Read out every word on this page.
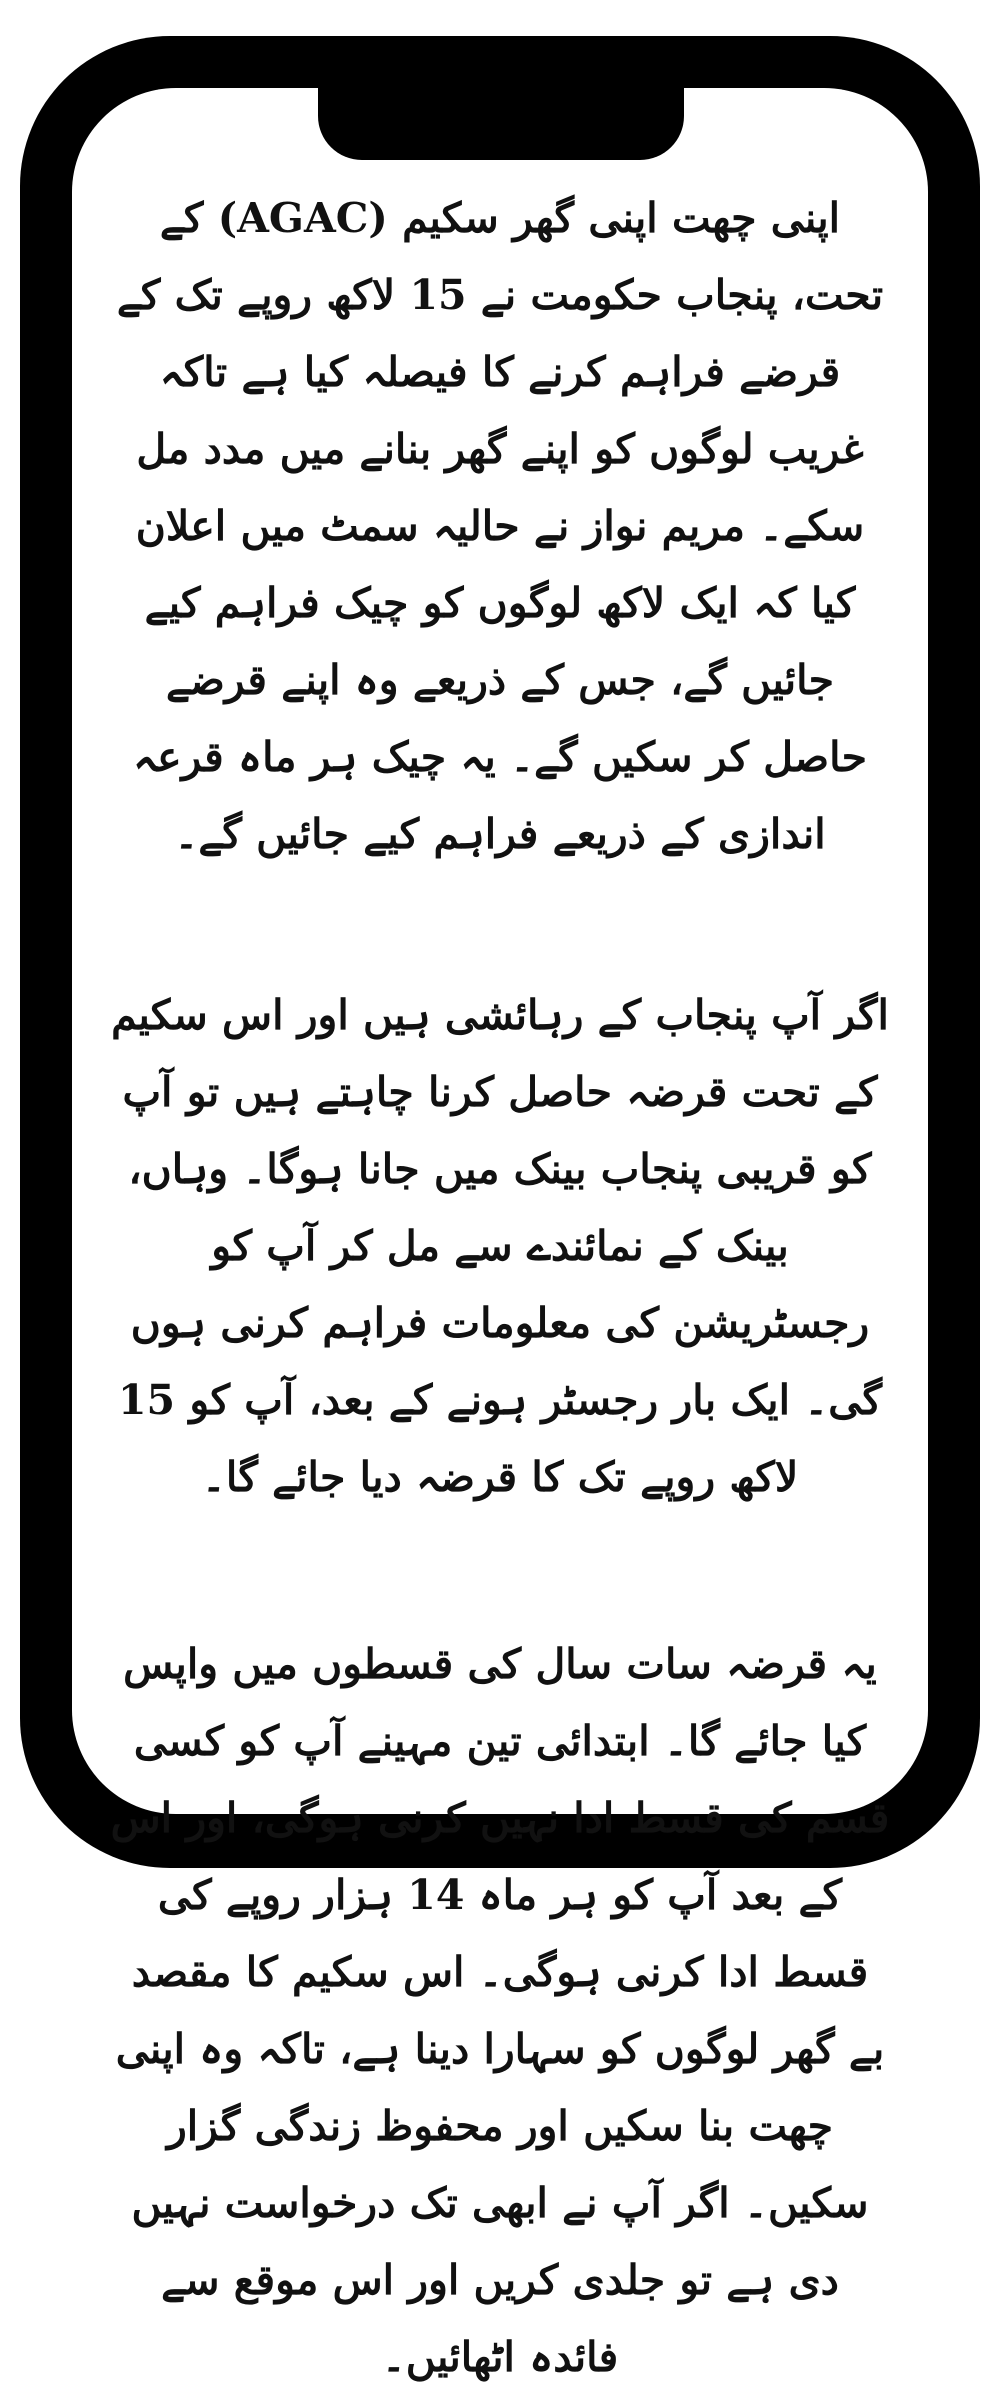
اپنی چھت اپنی گھر سکیم (AGAC) کے تحت، پنجاب حکومت نے 15 لاکھ روپے تک کے قرضے فراہم کرنے کا فیصلہ کیا ہے تاکہ غریب لوگوں کو اپنے گھر بنانے میں مدد مل سکے۔ مریم نواز نے حالیہ سمٹ میں اعلان کیا کہ ایک لاکھ لوگوں کو چیک فراہم کیے جائیں گے، جس کے ذریعے وہ اپنے قرضے حاصل کر سکیں گے۔ یہ چیک ہر ماہ قرعہ اندازی کے ذریعے فراہم کیے جائیں گے۔

اگر آپ پنجاب کے رہائشی ہیں اور اس سکیم کے تحت قرضہ حاصل کرنا چاہتے ہیں تو آپ کو قریبی پنجاب بینک میں جانا ہوگا۔ وہاں، بینک کے نمائندے سے مل کر آپ کو رجسٹریشن کی معلومات فراہم کرنی ہوں گی۔ ایک بار رجسٹر ہونے کے بعد، آپ کو 15 لاکھ روپے تک کا قرضہ دیا جائے گا۔

یہ قرضہ سات سال کی قسطوں میں واپس کیا جائے گا۔ ابتدائی تین مہینے آپ کو کسی قسم کی قسط ادا نہیں کرنی ہوگی، اور اس کے بعد آپ کو ہر ماہ 14 ہزار روپے کی قسط ادا کرنی ہوگی۔ اس سکیم کا مقصد بے گھر لوگوں کو سہارا دینا ہے، تاکہ وہ اپنی چھت بنا سکیں اور محفوظ زندگی گزار سکیں۔ اگر آپ نے ابھی تک درخواست نہیں دی ہے تو جلدی کریں اور اس موقع سے فائدہ اٹھائیں۔
